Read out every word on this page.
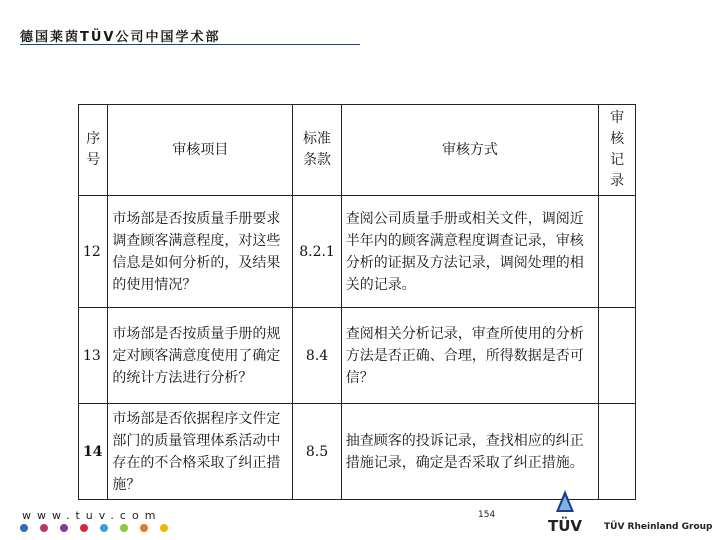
德国莱茵TÜV公司中国学术部
序号	审核项目	标准条款	审核方式	审核记录
12	市场部是否按质量手册要求调查顾客满意程度，对这些信息是如何分析的，及结果的使用情况？	8.2.1	查阅公司质量手册或相关文件，调阅近半年内的顾客满意程度调查记录，审核分析的证据及方法记录，调阅处理的相关的记录。	
13	市场部是否按质量手册的规定对顾客满意度使用了确定的统计方法进行分析？	8.4	查阅相关分析记录，审查所使用的分析方法是否正确、合理，所得数据是否可信？	
14	市场部是否依据程序文件定部门的质量管理体系活动中存在的不合格采取了纠正措施？	8.5	抽查顾客的投诉记录，查找相应的纠正措施记录，确定是否采取了纠正措施。	
www.tuv.com	154
TÜV	TÜV Rheinland Group
